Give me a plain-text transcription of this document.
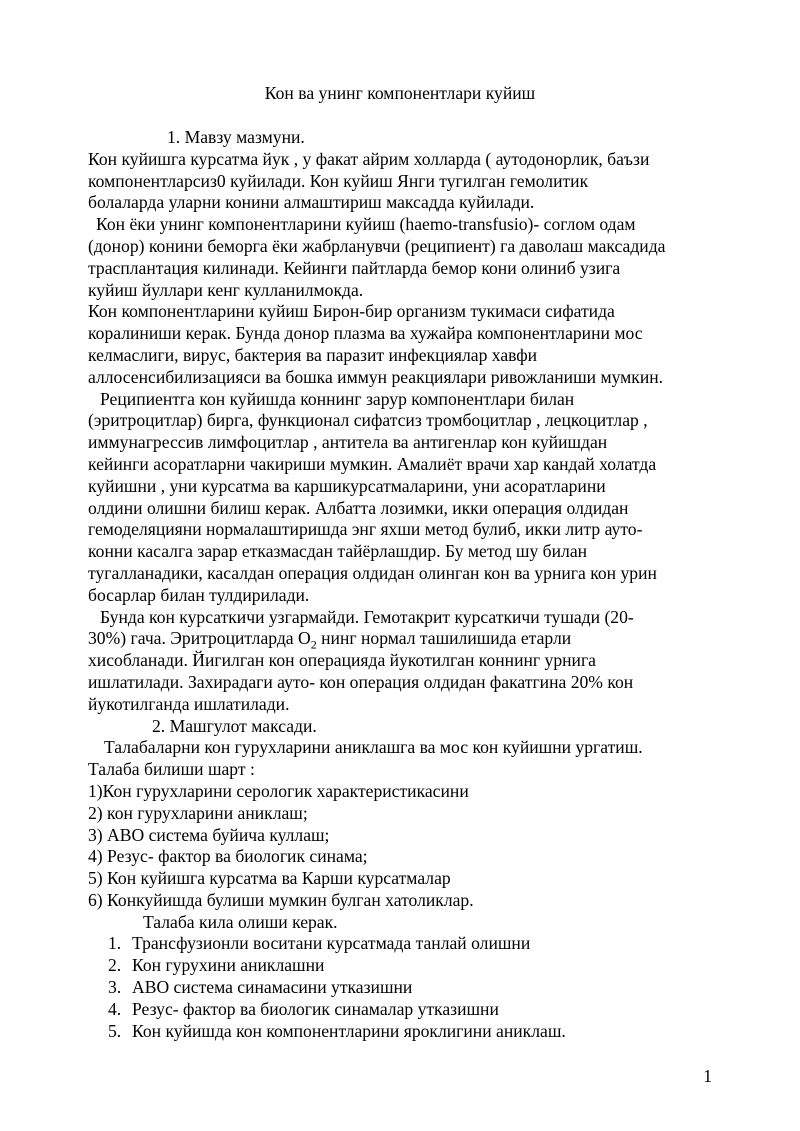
Кон ва унинг компонентлари куйиш
1. Мавзу мазмуни.
Кон куйишга курсатма йук , у факат айрим холларда ( аутодонорлик, баъзи
компонентларсиз0 куйилади. Кон куйиш Янги тугилган гемолитик
болаларда уларни конини алмаштириш максадда куйилади.
Кон ёки унинг компонентларини куйиш (haemo-transfusio)- соглом одам
(донор) конини беморга ёки жабрланувчи (реципиент) га даволаш максадида
трасплантация килинади. Кейинги пайтларда бемор кони олиниб узига
куйиш йуллари кенг кулланилмокда.
Кон компонентларини куйиш Бирон-бир организм тукимаси сифатида
коралиниши керак. Бунда донор плазма ва хужайра компонентларини мос
келмаслиги, вирус, бактерия ва паразит инфекциялар хавфи
аллосенсибилизацияси ва бошка иммун реакциялари ривожланиши мумкин.
Реципиентга кон куйишда коннинг зарур компонентлари билан
(эритроцитлар) бирга, функционал сифатсиз тромбоцитлар , лецкоцитлар ,
иммунагрессив лимфоцитлар , антитела ва антигенлар кон куйишдан
кейинги асоратларни чакириши мумкин. Амалиёт врачи хар кандай холатда
куйишни , уни курсатма ва каршикурсатмаларини, уни асоратларини
олдини олишни билиш керак. Албатта лозимки, икки операция олдидан
гемоделяцияни нормалаштиришда энг яхши метод булиб, икки литр ауто-
конни касалга зарар етказмасдан тайёрлашдир. Бу метод шу билан
тугалланадики, касалдан операция олдидан олинган кон ва урнига кон урин
босарлар билан тулдирилади.
Бунда кон курсаткичи узгармайди. Гемотакрит курсаткичи тушади (20-
30%) гача. Эритроцитларда $О_2$ нинг нормал ташилишида етарли
хисобланади. Йигилган кон операцияда йукотилган коннинг урнига
ишлатилади. Захирадаги ауто- кон операция олдидан факатгина 20% кон
йукотилганда ишлатилади.
2. Машгулот максади.
Талабаларни кон гурухларини аниклашга ва мос кон куйишни ургатиш.
Талаба билиши шарт :
1)Кон гурухларини серологик характеристикасини
2) кон гурухларини аниклаш;
3) АВО система буйича куллаш;
4) Резус- фактор ва биологик синама;
5) Кон куйишга курсатма ва Карши курсатмалар
6) Конкуйишда булиши мумкин булган хатоликлар.
Талаба кила олиши керак.
1. Трансфузионли воситани курсатмада танлай олишни
2. Кон гурухини аниклашни
3. АВО система синамасини утказишни
4. Резус- фактор ва биологик синамалар утказишни
5. Кон куйишда кон компонентларини яроклигини аниклаш.
1
